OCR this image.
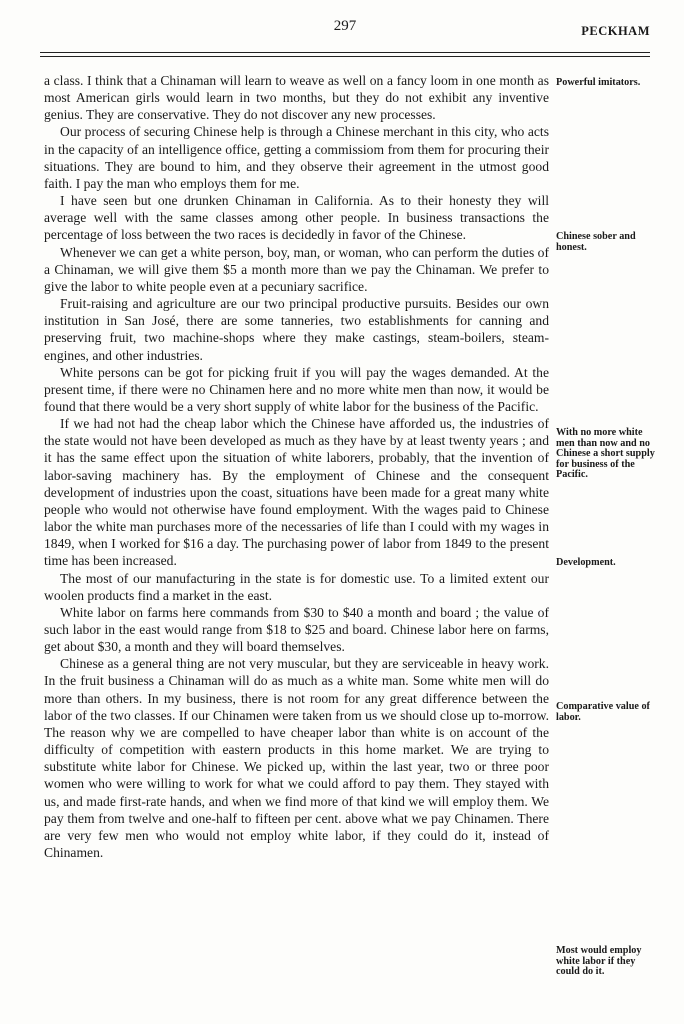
297	PECKHAM

a class. I think that a Chinaman will learn to weave as well on a fancy loom in one month as most American girls would learn in two months, but they do not exhibit any inventive genius. They are conservative. They do not discover any new processes.

Our process of securing Chinese help is through a Chinese merchant in this city, who acts in the capacity of an intelligence office, getting a commissiom from them for procuring their situations. They are bound to him, and they observe their agreement in the utmost good faith. I pay the man who employs them for me.

I have seen but one drunken Chinaman in California. As to their honesty they will average well with the same classes among other people. In business transactions the percentage of loss between the two races is decidedly in favor of the Chinese.

Whenever we can get a white person, boy, man, or woman, who can perform the duties of a Chinaman, we will give them $5 a month more than we pay the Chinaman. We prefer to give the labor to white people even at a pecuniary sacrifice.

Fruit-raising and agriculture are our two principal productive pursuits. Besides our own institution in San José, there are some tanneries, two establishments for canning and preserving fruit, two machine-shops where they make castings, steam-boilers, steam-engines, and other industries.

White persons can be got for picking fruit if you will pay the wages demanded. At the present time, if there were no Chinamen here and no more white men than now, it would be found that there would be a very short supply of white labor for the business of the Pacific.

If we had not had the cheap labor which the Chinese have afforded us, the industries of the state would not have been developed as much as they have by at least twenty years ; and it has the same effect upon the situation of white laborers, probably, that the invention of labor-saving machinery has. By the employment of Chinese and the consequent development of industries upon the coast, situations have been made for a great many white people who would not otherwise have found employment. With the wages paid to Chinese labor the white man purchases more of the necessaries of life than I could with my wages in 1849, when I worked for $16 a day. The purchasing power of labor from 1849 to the present time has been increased.

The most of our manufacturing in the state is for domestic use. To a limited extent our woolen products find a market in the east.

White labor on farms here commands from $30 to $40 a month and board ; the value of such labor in the east would range from $18 to $25 and board. Chinese labor here on farms, get about $30, a month and they will board themselves.

Chinese as a general thing are not very muscular, but they are serviceable in heavy work. In the fruit business a Chinaman will do as much as a white man. Some white men will do more than others. In my business, there is not room for any great difference between the labor of the two classes. If our Chinamen were taken from us we should close up to-morrow. The reason why we are compelled to have cheaper labor than white is on account of the difficulty of competition with eastern products in this home market. We are trying to substitute white labor for Chinese. We picked up, within the last year, two or three poor women who were willing to work for what we could afford to pay them. They stayed with us, and made first-rate hands, and when we find more of that kind we will employ them. We pay them from twelve and one-half to fifteen per cent. above what we pay Chinamen. There are very few men who would not employ white labor, if they could do it, instead of Chinamen.

Powerful imitators.
Chinese sober and honest.
With no more white men than now and no Chinese a short supply for business of the Pacific.
Development.
Comparative value of labor.
Most would employ white labor if they could do it.
